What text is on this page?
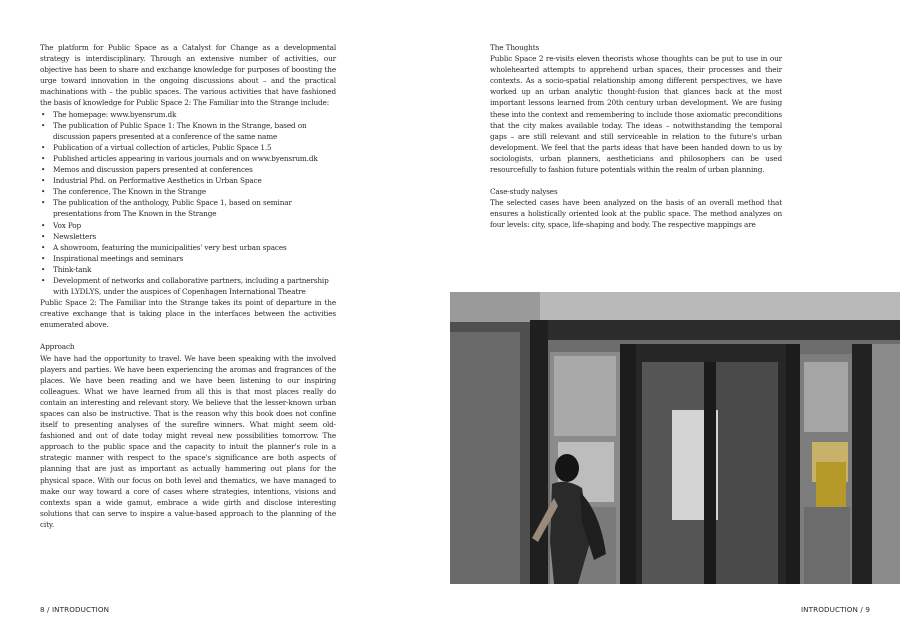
The platform for Public Space as a Catalyst for Change as a developmental strategy is interdisciplinary. Through an extensive number of activities, our objective has been to share and exchange knowledge for purposes of boosting the urge toward innovation in the ongoing discussions about – and the practical machinations with – the public spaces. The various activities that have fashioned the basis of knowledge for Public Space 2: The Familiar into the Strange include:

• The homepage: www.byensrum.dk
• The publication of Public Space 1: The Known in the Strange, based on discussion papers presented at a conference of the same name
• Publication of a virtual collection of articles, Public Space 1.5
• Published articles appearing in various journals and on www.byensrum.dk
• Memos and discussion papers presented at conferences
• Industrial Phd. on Performative Aesthetics in Urban Space
• The conference, The Known in the Strange
• The publication of the anthology, Public Space 1, based on seminar presentations from The Known in the Strange
• Vox Pop
• Newsletters
• A showroom, featuring the municipalities' very best urban spaces
• Inspirational meetings and seminars
• Think-tank
• Development of networks and collaborative partners, including a partnership with LYDLYS, under the auspices of Copenhagen International Theatre

Public Space 2: The Familiar into the Strange takes its point of departure in the creative exchange that is taking place in the interfaces between the activities enumerated above.

Approach

We have had the opportunity to travel. We have been speaking with the involved players and parties. We have been experiencing the aromas and fragrances of the places. We have been reading and we have been listening to our inspiring colleagues. What we have learned from all this is that most places really do contain an interesting and relevant story. We believe that the lesser-known urban spaces can also be instructive. That is the reason why this book does not confine itself to presenting analyses of the surefire winners. What might seem old-fashioned and out of date today might reveal new possibilities tomorrow. The approach to the public space and the capacity to intuit the planner's role in a strategic manner with respect to the space's significance are both aspects of planning that are just as important as actually hammering out plans for the physical space. With our focus on both level and thematics, we have managed to make our way toward a core of cases where strategies, intentions, visions and contexts span a wide gamut, embrace a wide girth and disclose interesting solutions that can serve to inspire a value-based approach to the planning of the city.

8 / INTRODUCTION
The Thoughts

Public Space 2 re-visits eleven theorists whose thoughts can be put to use in our wholehearted attempts to apprehend urban spaces, their processes and their contexts. As a socio-spatial relationship among different perspectives, we have worked up an urban analytic thought-fusion that glances back at the most important lessons learned from 20th century urban development. We are fusing these into the context and remembering to include those axiomatic preconditions that the city makes available today. The ideas – notwithstanding the temporal gaps – are still relevant and still serviceable in relation to the future's urban development. We feel that the parts ideas that have been handed down to us by sociologists, urban planners, aestheticians and philosophers can be used resourcefully to fashion future potentials within the realm of urban planning.

Case-study nalyses

The selected cases have been analyzed on the basis of an overall method that ensures a holistically oriented look at the public space. The method analyzes on four levels: city, space, life-shaping and body. The respective mappings are

INTRODUCTION / 9
